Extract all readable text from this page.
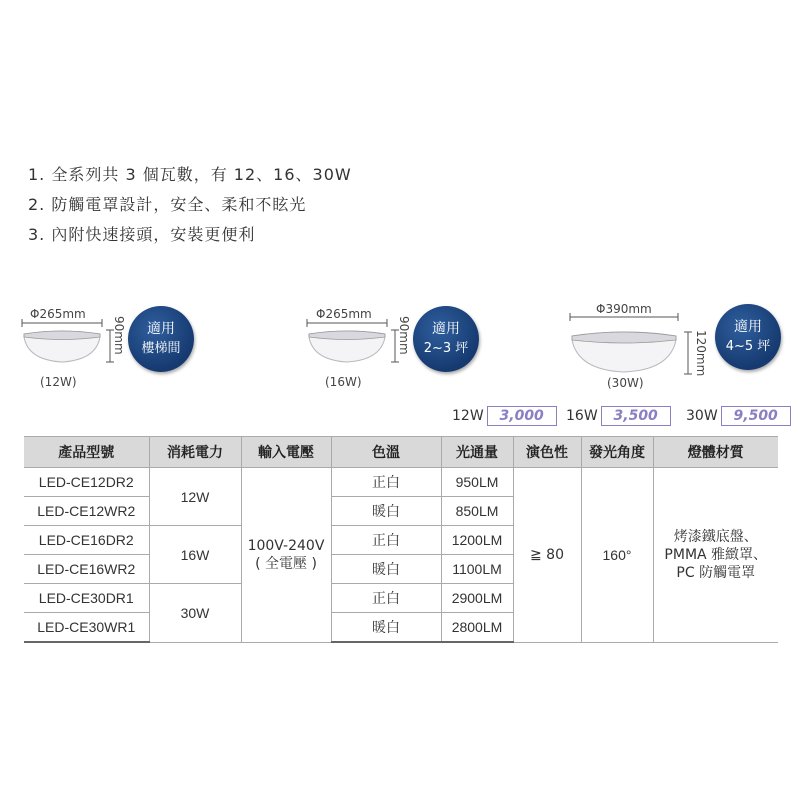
1. 全系列共 3 個瓦數，有 12、16、30W
2. 防觸電罩設計，安全、柔和不眩光
3. 內附快速接頭，安裝更便利
Φ265mm
90mm
(12W)
適用
樓梯間
Φ265mm
90mm
(16W)
適用
2~3 坪
Φ390mm
120mm
(30W)
適用
4~5 坪
12W	3,000	16W	3,500	30W	9,500
產品型號	消耗電力	輸入電壓	色溫	光通量	演色性	發光角度	燈體材質
LED-CE12DR2	12W	100V-240V
( 全電壓 )	正白	950LM	≧ 80	160°	烤漆鐵底盤、
PMMA 雅緻罩、
PC 防觸電罩

LED-CE12WR2			暖白	850LM			
LED-CE16DR2	16W		正白	1200LM			
LED-CE16WR2			暖白	1100LM			
LED-CE30DR1	30W		正白	2900LM			
LED-CE30WR1			暖白	2800LM			
